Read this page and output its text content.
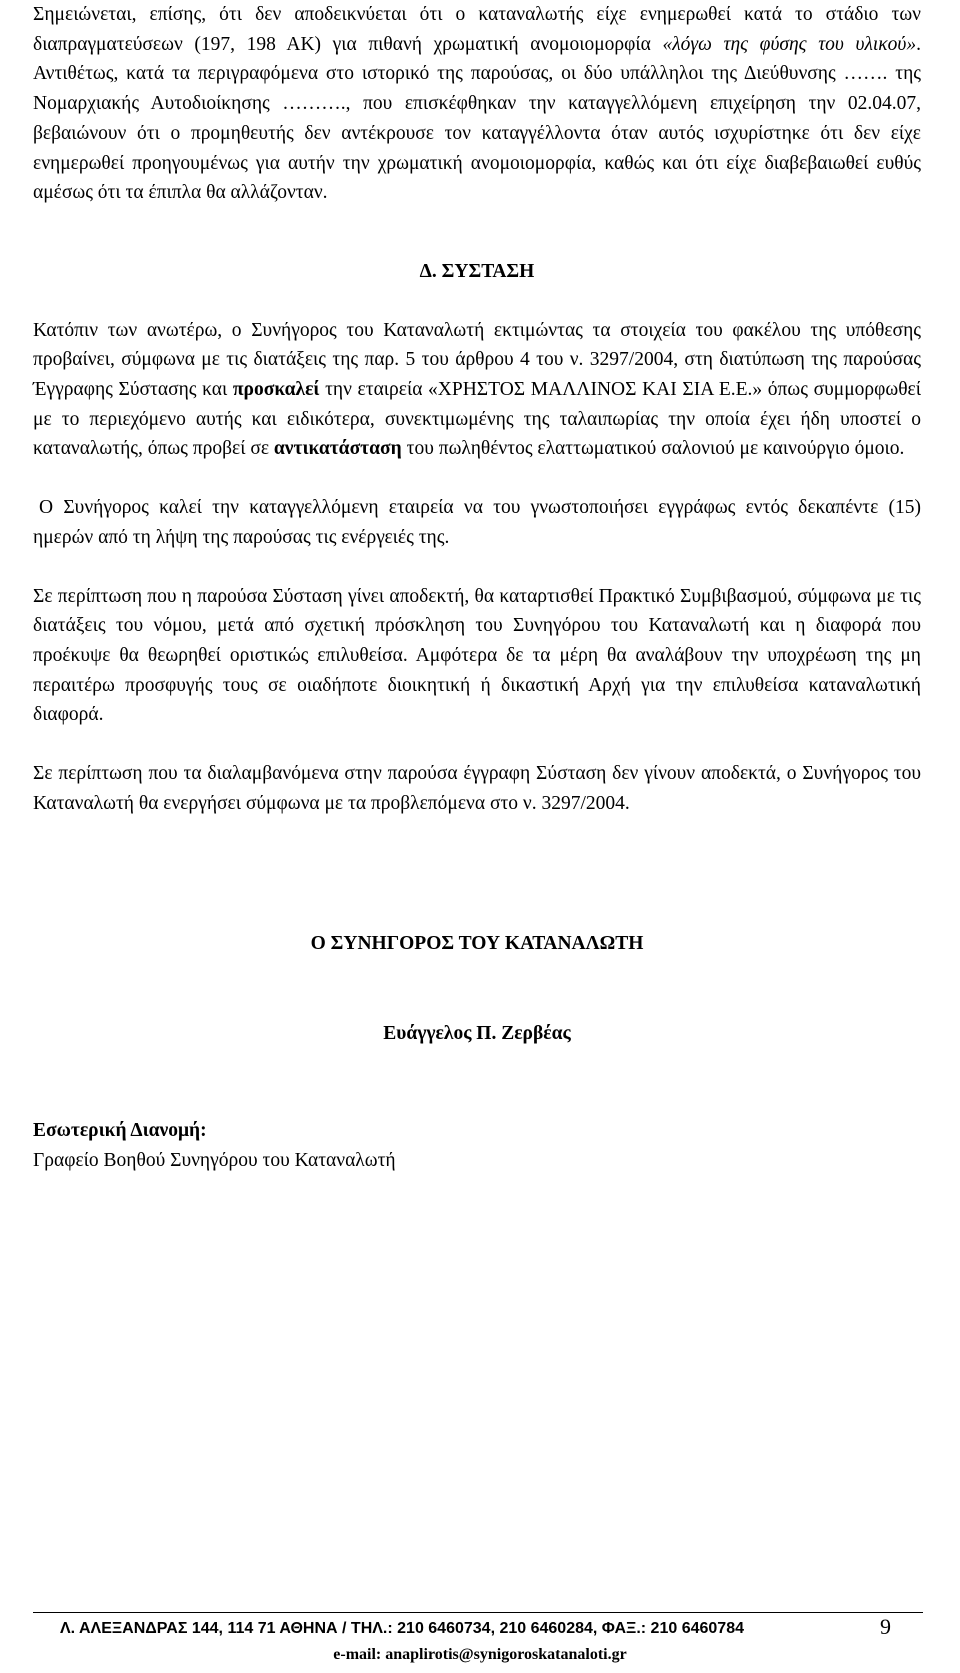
Σημειώνεται, επίσης, ότι δεν αποδεικνύεται ότι ο καταναλωτής είχε ενημερωθεί κατά το στάδιο των διαπραγματεύσεων (197, 198 ΑΚ) για πιθανή χρωματική ανομοιομορφία «λόγω της φύσης του υλικού». Αντιθέτως, κατά τα περιγραφόμενα στο ιστορικό της παρούσας, οι δύο υπάλληλοι της Διεύθυνσης ……. της Νομαρχιακής Αυτοδιοίκησης ………., που επισκέφθηκαν την καταγγελλόμενη επιχείρηση την 02.04.07, βεβαιώνουν ότι ο προμηθευτής δεν αντέκρουσε τον καταγγέλλοντα όταν αυτός ισχυρίστηκε ότι δεν είχε ενημερωθεί προηγουμένως για αυτήν την χρωματική ανομοιομορφία, καθώς και ότι είχε διαβεβαιωθεί ευθύς αμέσως ότι τα έπιπλα θα αλλάζονταν.

Δ. ΣΥΣΤΑΣΗ

Κατόπιν των ανωτέρω, ο Συνήγορος του Καταναλωτή εκτιμώντας τα στοιχεία του φακέλου της υπόθεσης προβαίνει, σύμφωνα με τις διατάξεις της παρ. 5 του άρθρου 4 του ν. 3297/2004, στη διατύπωση της παρούσας Έγγραφης Σύστασης και προσκαλεί την εταιρεία «ΧΡΗΣΤΟΣ ΜΑΛΛΙΝΟΣ ΚΑΙ ΣΙΑ Ε.Ε.» όπως συμμορφωθεί με το περιεχόμενο αυτής και ειδικότερα, συνεκτιμωμένης της ταλαιπωρίας την οποία έχει ήδη υποστεί ο καταναλωτής, όπως προβεί σε αντικατάσταση του πωληθέντος ελαττωματικού σαλονιού με καινούργιο όμοιο.

Ο Συνήγορος καλεί την καταγγελλόμενη εταιρεία να του γνωστοποιήσει εγγράφως εντός δεκαπέντε (15) ημερών από τη λήψη της παρούσας τις ενέργειές της.

Σε περίπτωση που η παρούσα Σύσταση γίνει αποδεκτή, θα καταρτισθεί Πρακτικό Συμβιβασμού, σύμφωνα με τις διατάξεις του νόμου, μετά από σχετική πρόσκληση του Συνηγόρου του Καταναλωτή και η διαφορά που προέκυψε θα θεωρηθεί οριστικώς επιλυθείσα. Αμφότερα δε τα μέρη θα αναλάβουν την υποχρέωση της μη περαιτέρω προσφυγής τους σε οιαδήποτε διοικητική ή δικαστική Αρχή για την επιλυθείσα καταναλωτική διαφορά.

Σε περίπτωση που τα διαλαμβανόμενα στην παρούσα έγγραφη Σύσταση δεν γίνουν αποδεκτά, ο Συνήγορος του Καταναλωτή θα ενεργήσει σύμφωνα με τα προβλεπόμενα στο ν. 3297/2004.

Ο ΣΥΝΗΓΟΡΟΣ ΤΟΥ ΚΑΤΑΝΑΛΩΤΗ
Ευάγγελος Π. Ζερβέας
Εσωτερική Διανομή:
Γραφείο Βοηθού Συνηγόρου του Καταναλωτή
Λ. ΑΛΕΞΑΝΔΡΑΣ 144, 114 71 ΑΘΗΝΑ / ΤΗΛ.: 210 6460734, 210 6460284, ΦΑΞ.: 210 6460784	9
e-mail: anaplirotis@synigoroskatanaloti.gr
